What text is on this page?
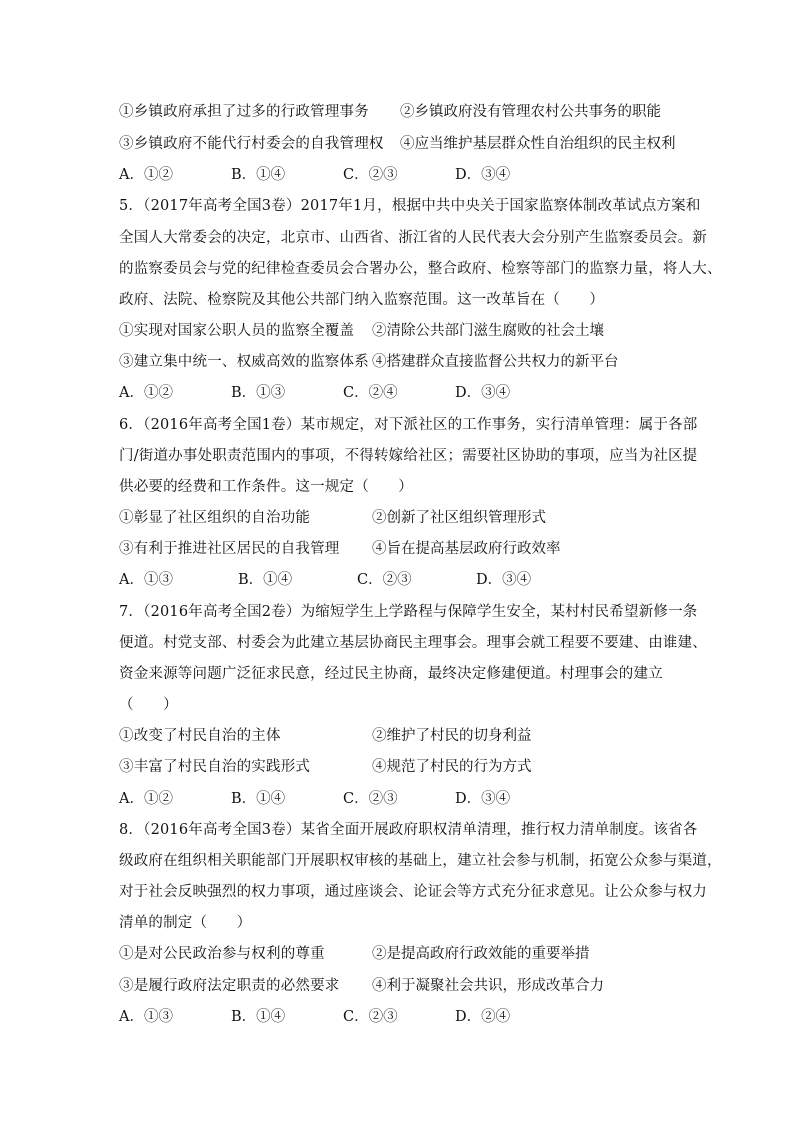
①乡镇政府承担了过多的行政管理事务 ②乡镇政府没有管理农村公共事务的职能
③乡镇政府不能代行村委会的自我管理权 ④应当维护基层群众性自治组织的民主权利
A．①②	B．①④	C．②③	D．③④
5．（2017年高考全国3卷）2017年1月，根据中共中央关于国家监察体制改革试点方案和
全国人大常委会的决定，北京市、山西省、浙江省的人民代表大会分别产生监察委员会。新
的监察委员会与党的纪律检查委员会合署办公，整合政府、检察等部门的监察力量，将人大、
政府、法院、检察院及其他公共部门纳入监察范围。这一改革旨在（　　）
①实现对国家公职人员的监察全覆盖 ②清除公共部门滋生腐败的社会土壤
③建立集中统一、权威高效的监察体系 ④搭建群众直接监督公共权力的新平台
A．①②	B．①③	C．②④	D．③④
6．（2016年高考全国1卷）某市规定，对下派社区的工作事务，实行清单管理：属于各部
门/街道办事处职责范围内的事项，不得转嫁给社区；需要社区协助的事项，应当为社区提
供必要的经费和工作条件。这一规定（　　）
①彰显了社区组织的自治功能	②创新了社区组织管理形式
③有利于推进社区居民的自我管理 ④旨在提高基层政府行政效率
A．①③	B．①④	C．②③	D．③④
7．（2016年高考全国2卷）为缩短学生上学路程与保障学生安全，某村村民希望新修一条
便道。村党支部、村委会为此建立基层协商民主理事会。理事会就工程要不要建、由谁建、
资金来源等问题广泛征求民意，经过民主协商，最终决定修建便道。村理事会的建立
（　　）
①改变了村民自治的主体	②维护了村民的切身利益
③丰富了村民自治的实践形式	④规范了村民的行为方式
A．①②	B．①④	C．②③	D．③④
8．（2016年高考全国3卷）某省全面开展政府职权清单清理，推行权力清单制度。该省各
级政府在组织相关职能部门开展职权审核的基础上，建立社会参与机制，拓宽公众参与渠道，
对于社会反映强烈的权力事项，通过座谈会、论证会等方式充分征求意见。让公众参与权力
清单的制定（　　）
①是对公民政治参与权利的尊重	②是提高政府行政效能的重要举措
③是履行政府法定职责的必然要求 ④利于凝聚社会共识，形成改革合力
A．①③	B．①④	C．②③	D．②④
